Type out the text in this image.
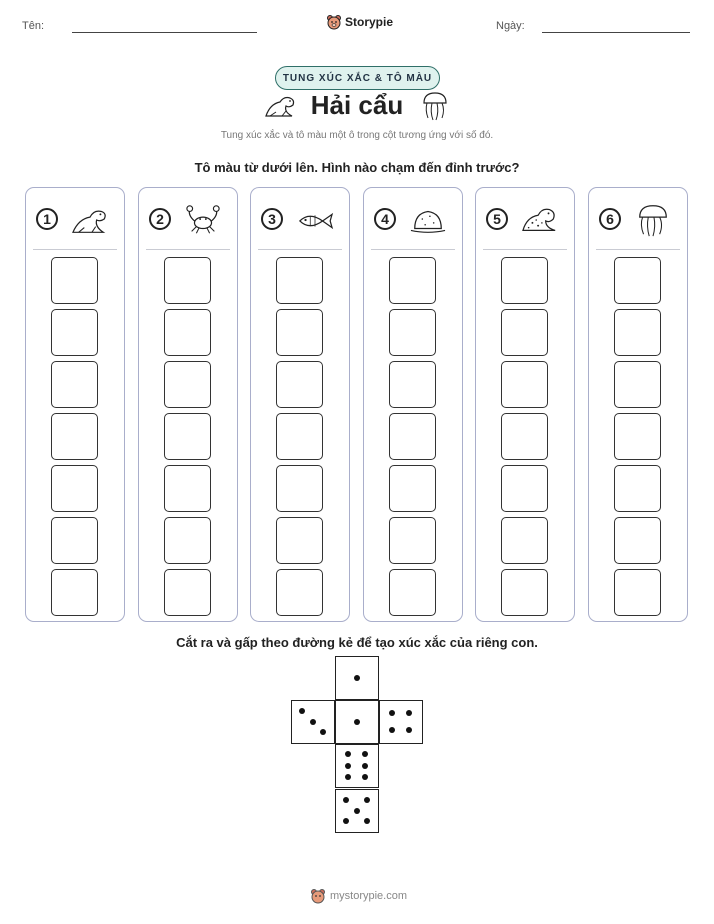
Tên:	Storypie	Ngày:
TUNG XÚC XẮC & TÔ MÀU
Hải cẩu
Tung xúc xắc và tô màu một ô trong cột tương ứng với số đó.
Tô màu từ dưới lên. Hình nào chạm đến đỉnh trước?
1	2	3	4	5	6
Cắt ra và gấp theo đường kẻ để tạo xúc xắc của riêng con.
mystorypie.com
